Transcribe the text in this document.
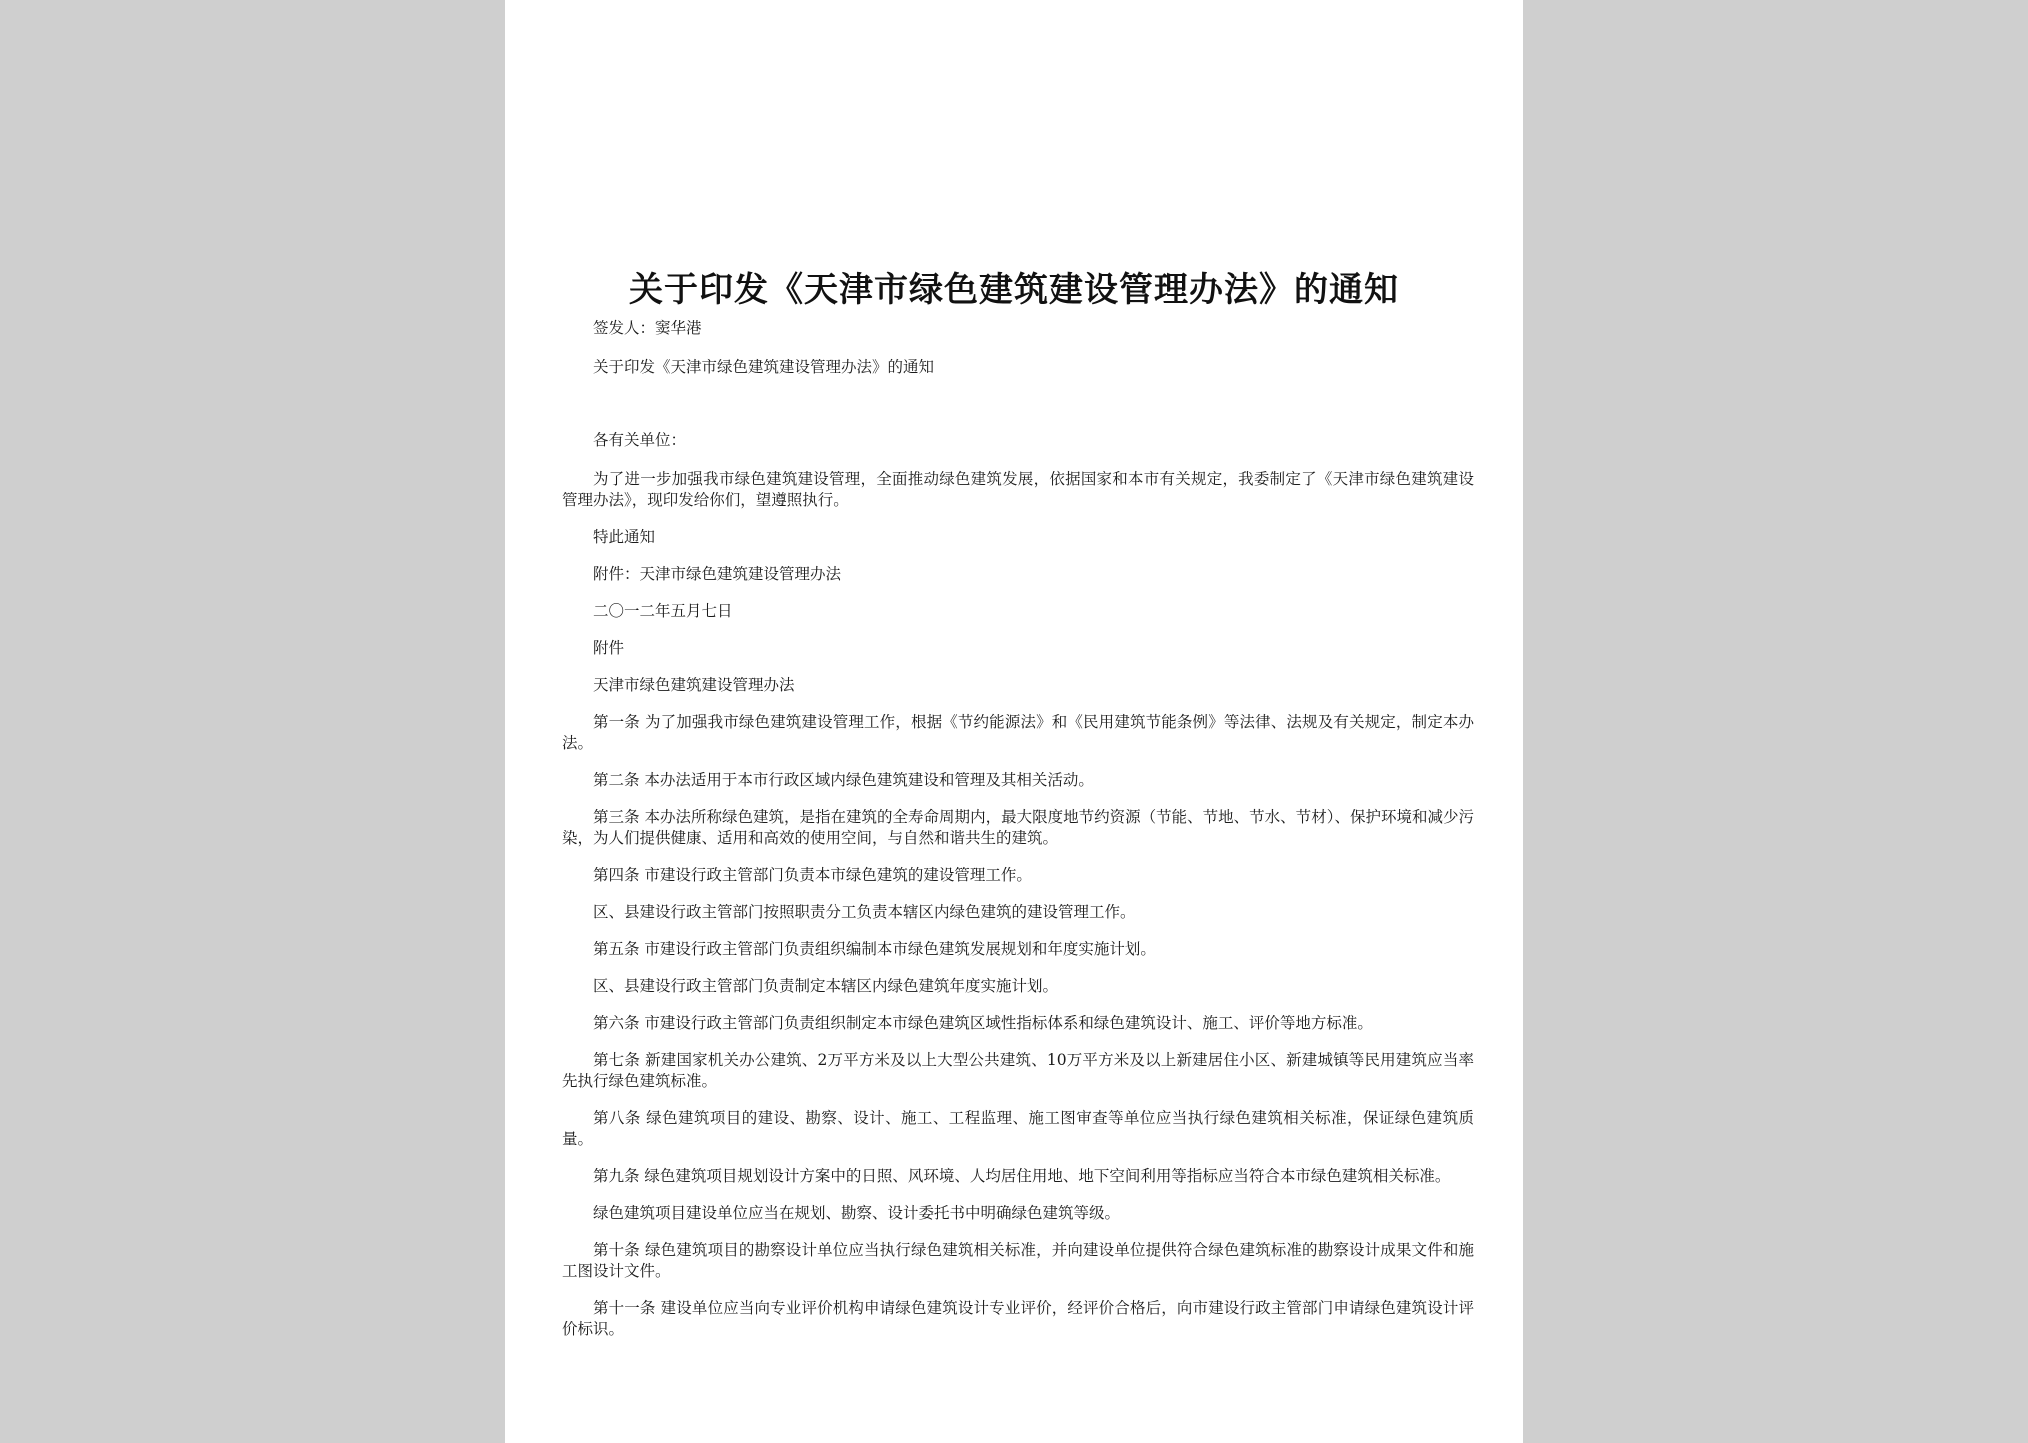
关于印发《天津市绿色建筑建设管理办法》的通知

签发人：窦华港

关于印发《天津市绿色建筑建设管理办法》的通知

各有关单位：

为了进一步加强我市绿色建筑建设管理，全面推动绿色建筑发展，依据国家和本市有关规定，我委制定了《天津市绿色建筑建设管理办法》，现印发给你们，望遵照执行。

特此通知

附件：天津市绿色建筑建设管理办法

二〇一二年五月七日

附件

天津市绿色建筑建设管理办法

第一条 为了加强我市绿色建筑建设管理工作，根据《节约能源法》和《民用建筑节能条例》等法律、法规及有关规定，制定本办法。

第二条 本办法适用于本市行政区域内绿色建筑建设和管理及其相关活动。

第三条 本办法所称绿色建筑，是指在建筑的全寿命周期内，最大限度地节约资源（节能、节地、节水、节材）、保护环境和减少污染，为人们提供健康、适用和高效的使用空间，与自然和谐共生的建筑。

第四条 市建设行政主管部门负责本市绿色建筑的建设管理工作。

区、县建设行政主管部门按照职责分工负责本辖区内绿色建筑的建设管理工作。

第五条 市建设行政主管部门负责组织编制本市绿色建筑发展规划和年度实施计划。

区、县建设行政主管部门负责制定本辖区内绿色建筑年度实施计划。

第六条 市建设行政主管部门负责组织制定本市绿色建筑区域性指标体系和绿色建筑设计、施工、评价等地方标准。

第七条 新建国家机关办公建筑、2万平方米及以上大型公共建筑、10万平方米及以上新建居住小区、新建城镇等民用建筑应当率先执行绿色建筑标准。

第八条 绿色建筑项目的建设、勘察、设计、施工、工程监理、施工图审查等单位应当执行绿色建筑相关标准，保证绿色建筑质量。

第九条 绿色建筑项目规划设计方案中的日照、风环境、人均居住用地、地下空间利用等指标应当符合本市绿色建筑相关标准。

绿色建筑项目建设单位应当在规划、勘察、设计委托书中明确绿色建筑等级。

第十条 绿色建筑项目的勘察设计单位应当执行绿色建筑相关标准，并向建设单位提供符合绿色建筑标准的勘察设计成果文件和施工图设计文件。

第十一条 建设单位应当向专业评价机构申请绿色建筑设计专业评价，经评价合格后，向市建设行政主管部门申请绿色建筑设计评价标识。
